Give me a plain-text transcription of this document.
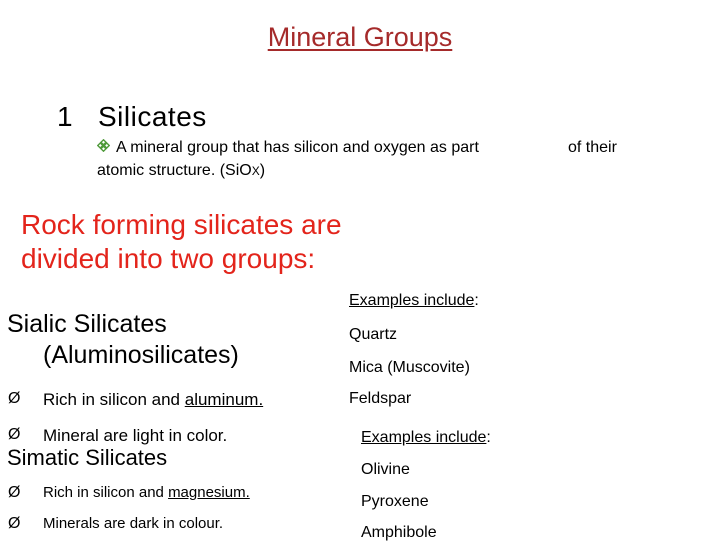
Mineral Groups
1 Silicates
A mineral group that has silicon and oxygen as part	of their
atomic structure. (SiOX)
Rock forming silicates are
divided into two groups:
Sialic Silicates
(Aluminosilicates)
Ø Rich in silicon and aluminum.
Ø Mineral are light in color.
Simatic Silicates
Ø Rich in silicon and magnesium.
Ø Minerals are dark in colour.
Examples include:
Quartz
Mica (Muscovite)
Feldspar
Examples include:
Olivine
Pyroxene
Amphibole
